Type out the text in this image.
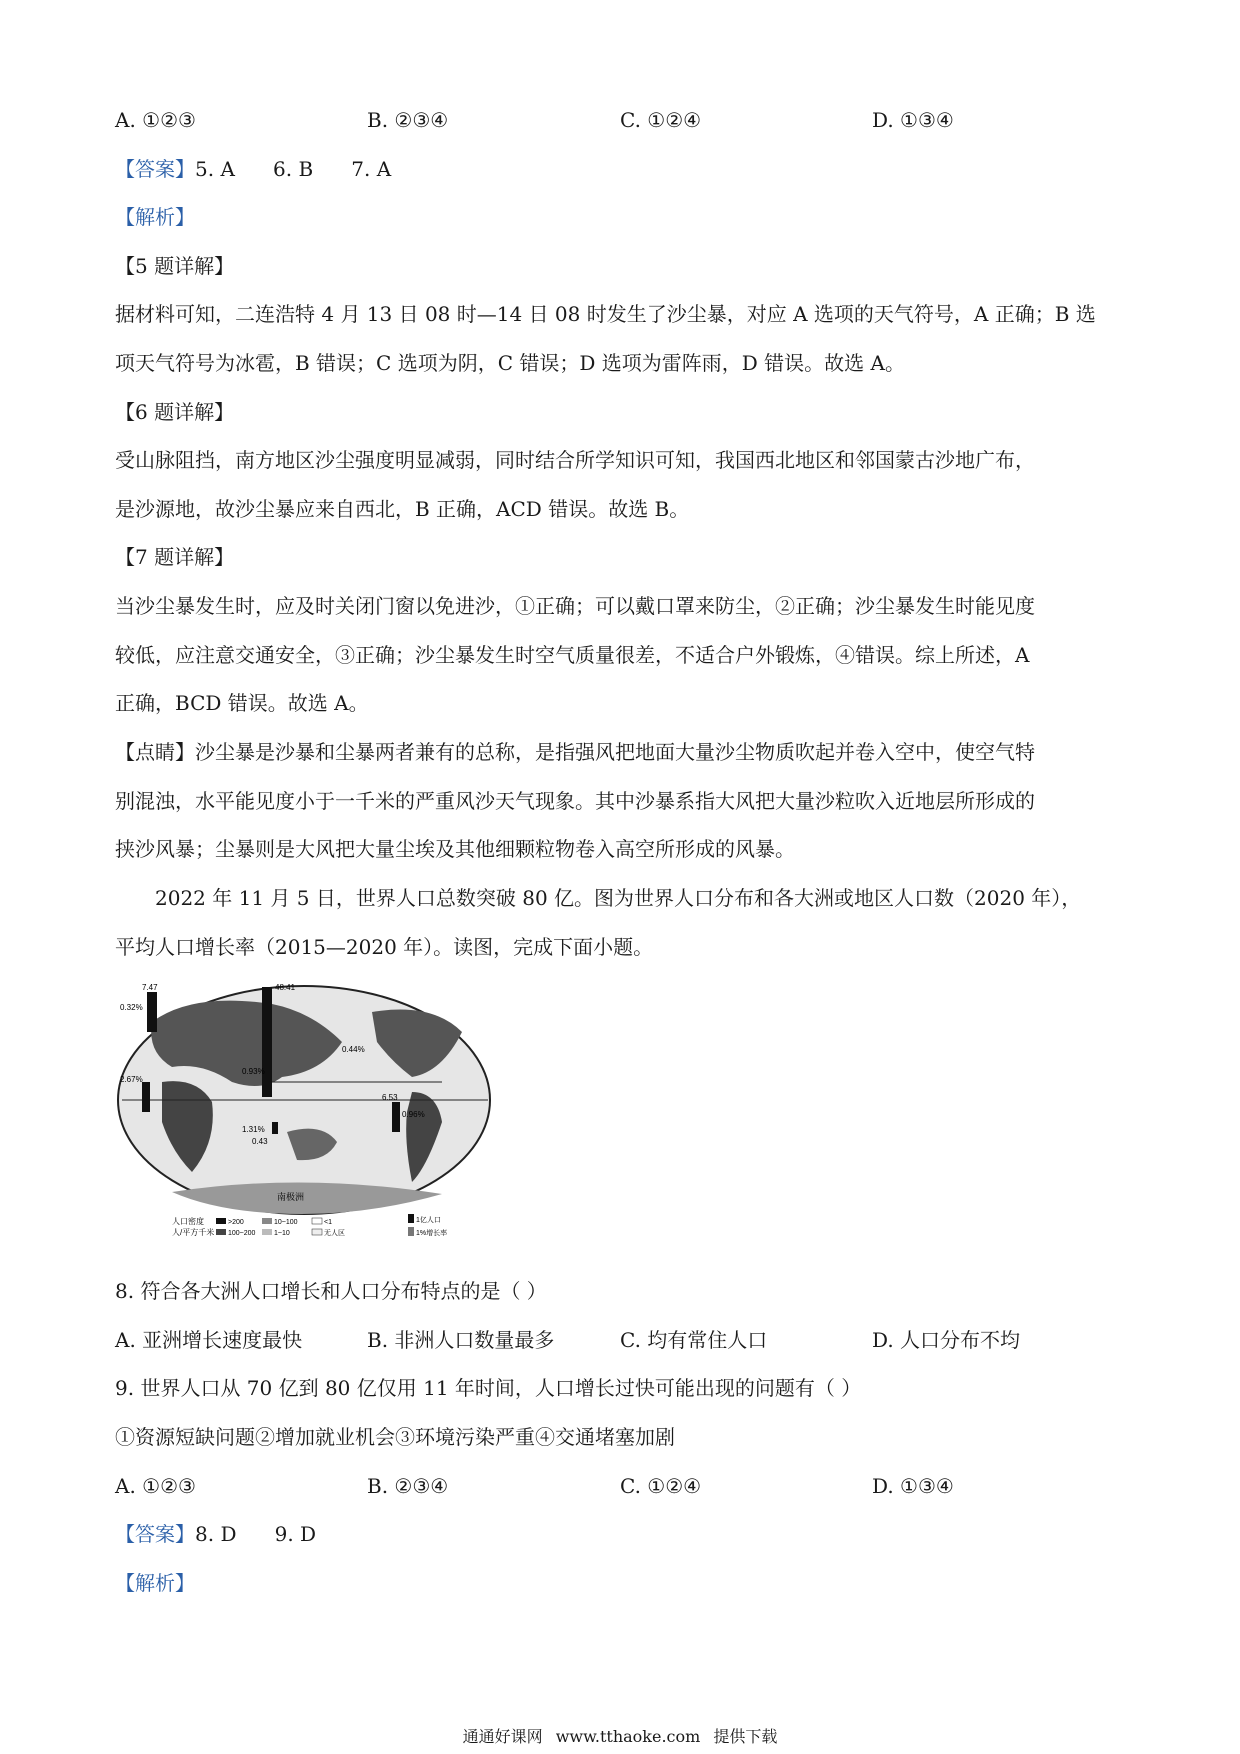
A. ①②③	B. ②③④	C. ①②④	D. ①③④
【答案】5. A      6. B      7. A
【解析】
【5 题详解】
据材料可知，二连浩特 4 月 13 日 08 时—14 日 08 时发生了沙尘暴，对应 A 选项的天气符号，A 正确；B 选
项天气符号为冰雹，B 错误；C 选项为阴，C 错误；D 选项为雷阵雨，D 错误。故选 A。
【6 题详解】
受山脉阻挡，南方地区沙尘强度明显减弱，同时结合所学知识可知，我国西北地区和邻国蒙古沙地广布，
是沙源地，故沙尘暴应来自西北，B 正确，ACD 错误。故选 B。
【7 题详解】
当沙尘暴发生时，应及时关闭门窗以免进沙，①正确；可以戴口罩来防尘，②正确；沙尘暴发生时能见度
较低，应注意交通安全，③正确；沙尘暴发生时空气质量很差，不适合户外锻炼，④错误。综上所述，A
正确，BCD 错误。故选 A。
【点睛】沙尘暴是沙暴和尘暴两者兼有的总称，是指强风把地面大量沙尘物质吹起并卷入空中，使空气特
别混浊，水平能见度小于一千米的严重风沙天气现象。其中沙暴系指大风把大量沙粒吹入近地层所形成的
挟沙风暴；尘暴则是大风把大量尘埃及其他细颗粒物卷入高空所形成的风暴。
2022 年 11 月 5 日，世界人口总数突破 80 亿。图为世界人口分布和各大洲或地区人口数（2020 年），
平均人口增长率（2015—2020 年）。读图，完成下面小题。
7.47
0.32%
48.41
0.44%
0.93%
2.67%
0.96%
6.53
1.31%
0.43
南极洲
人口密度
人/平方千米
>200	10~100	<1
100~200	1~10	无人区
1亿人口
1%增长率
8. 符合各大洲人口增长和人口分布特点的是（ ）
A. 亚洲增长速度最快	B. 非洲人口数量最多	C. 均有常住人口	D. 人口分布不均
9. 世界人口从 70 亿到 80 亿仅用 11 年时间，人口增长过快可能出现的问题有（ ）
①资源短缺问题②增加就业机会③环境污染严重④交通堵塞加剧
A. ①②③	B. ②③④	C. ①②④	D. ①③④
【答案】8. D      9. D
【解析】
通通好课网 www.tthaoke.com 提供下载
